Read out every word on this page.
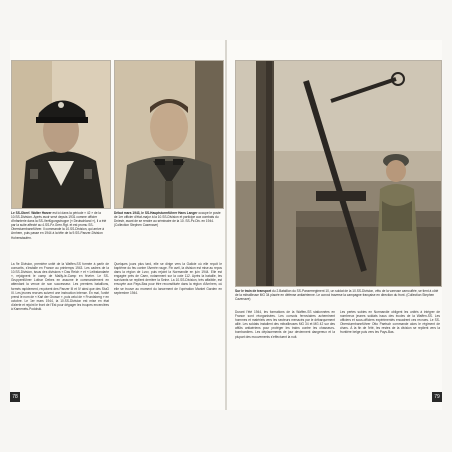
Le SS-Oberf. Walter Harzer est ici dans la période « 42 » de la 10.SS-Division. Après avoir servi depuis 1931 comme officier d'infanterie dans la SS-Verfügungstruppe (« Deutschland »), il a été par la suite affecté au 4.SS-Pz.Gren.Rgt. et est promu SS-Obersturmbannführer. Il commande la 10.SS-Division, qui arrive à Arnhem, puis passe en 1944 à la tête de la 9.SS-Panzer-Division Hohenstaufen.
Début mars 1943, le SS-Hauptsturmführer Hans Langer occupe le poste de 1er officier d'état-major à la 10.SS-Division et participe aux combats du Dniestr, avant de se rendre au séminaire de la 10. SS-Pz.Div. en 1944. (Collection Stephen Cazenave)
La 9e Division, première unité de la Waffen-SS formée à partir de conscrits, s'installe en France au printemps 1943. Les cadres de la 10.SS-Division, issus des divisions « Das Reich » et « Leibstandarte », rejoignent le camp de Mailly-le-Camp en février. Le SS-Gruppenführer Lothar Debes en assume le commandement en attendant la venue de son successeur. Les premiers bataillons, formés rapidement, reçoivent des Panzer III et IV ainsi que des StuG III. Les jeunes recrues suivent une instruction intense. En mai, l'unité prend le nom de « Karl der Grosse », puis celui de « Frundsberg » en octobre. Le 1er mars 1944, la 10.SS-Division est mise en état d'alerte et rejoint le front de l'Est pour dégager les troupes encerclées à Kamenets-Podolski.
Quelques jours plus tard, elle se dirige vers la Galicie où elle reçoit le baptême du feu contre l'Armée rouge. Fin avril, la division est mise au repos dans la région de Lvov, puis rejoint la Normandie en juin 1944. Elle est engagée près de Caen, notamment sur la cote 112. Après la bataille, les survivants se replient derrière la Seine. La 10.SS-Division, très affaiblie, est envoyée aux Pays-Bas pour être reconstituée dans la région d'Arnhem, où elle se trouve au moment du lancement de l'opération Market Garden en septembre 1944.
78
Sur le train de transport du 2.Bataillon du SS-Panzerregiment 10, un soldat de la 10.SS-Division, vêtu de la vareuse camouflée, se tient à côté de la mitrailleuse MG 34 placée en défense antiaérienne. Le convoi traverse la campagne française en direction du front. (Collection Stephen Cazenave)
Durant l'été 1944, les formations de la Waffen-SS stationnées en France sont réorganisées. Les convois ferroviaires acheminent hommes et matériels vers les secteurs menacés par le débarquement allié. Les soldats installent des mitrailleuses MG 34 et MG 42 sur des affûts antiaériens pour protéger les trains contre les chasseurs-bombardiers. Les déplacements de jour deviennent dangereux et la plupart des mouvements s'effectuent la nuit.
Les pertes subies en Normandie obligent les unités à intégrer de nombreux jeunes soldats issus des écoles de la Waffen-SS. Les officiers et sous-officiers expérimentés encadrent ces recrues. Le SS-Obersturmbannführer Otto Paetsch commande alors le régiment de chars. À la fin de l'été, les restes de la division se replient vers la frontière belge puis vers les Pays-Bas.
79
